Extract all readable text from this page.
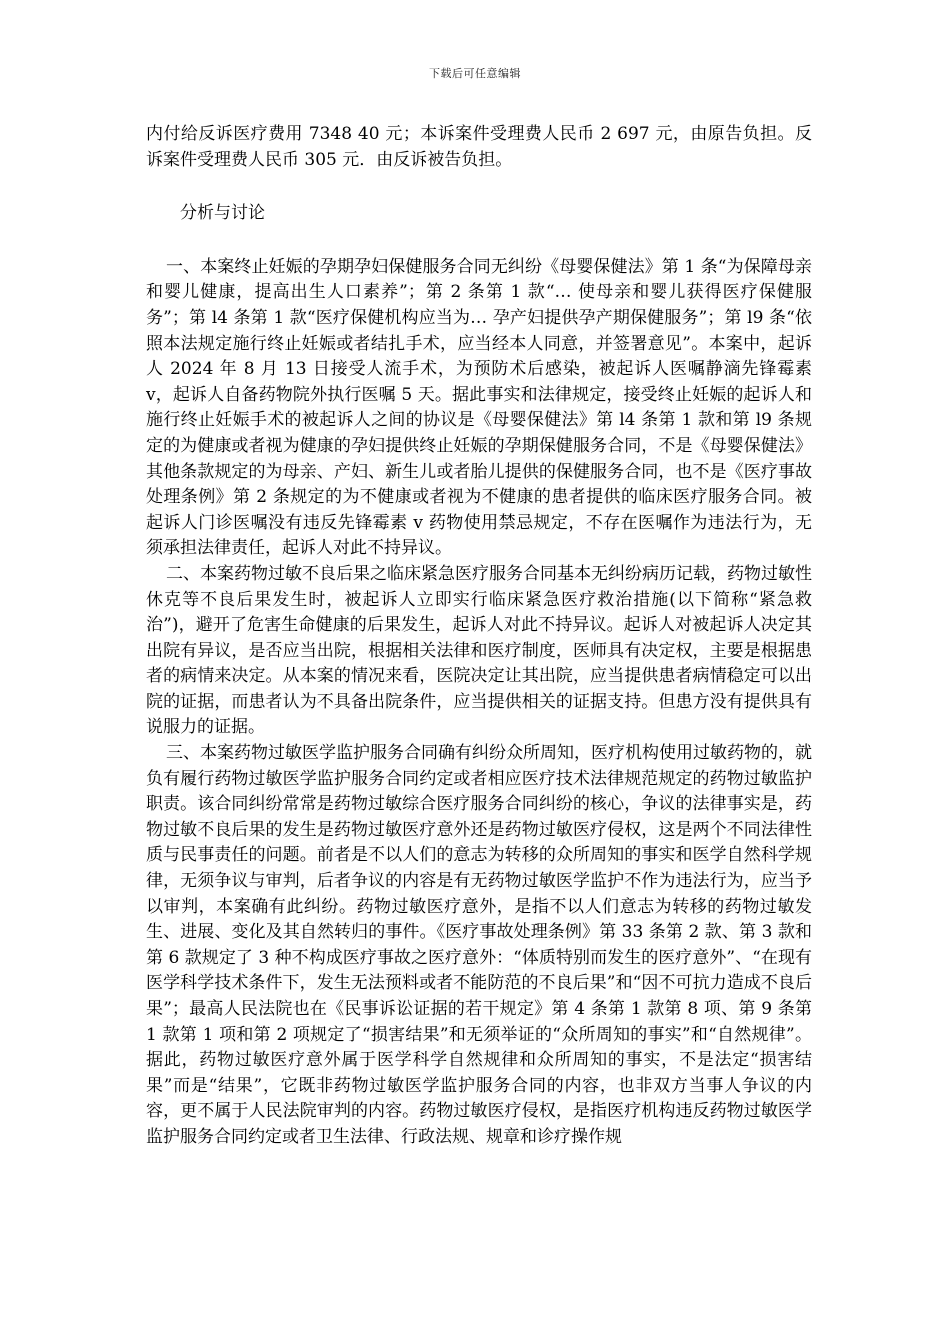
下载后可任意编辑

内付给反诉医疗费用 7348 40 元；本诉案件受理费人民币 2 697 元，由原告负担。反诉案件受理费人民币 305 元．由反诉被告负担。

分析与讨论

一、本案终止妊娠的孕期孕妇保健服务合同无纠纷《母婴保健法》第 1 条“为保障母亲和婴儿健康，提高出生人口素养”；第 2 条第 1 款“… 使母亲和婴儿获得医疗保健服务”；第 l4 条第 1 款“医疗保健机构应当为… 孕产妇提供孕产期保健服务”；第 l9 条“依照本法规定施行终止妊娠或者结扎手术，应当经本人同意，并签署意见”。本案中，起诉人 2024 年 8 月 13 日接受人流手术，为预防术后感染，被起诉人医嘱静滴先锋霉素 v，起诉人自备药物院外执行医嘱 5 天。据此事实和法律规定，接受终止妊娠的起诉人和施行终止妊娠手术的被起诉人之间的协议是《母婴保健法》第 l4 条第 1 款和第 l9 条规定的为健康或者视为健康的孕妇提供终止妊娠的孕期保健服务合同，不是《母婴保健法》其他条款规定的为母亲、产妇、新生儿或者胎儿提供的保健服务合同，也不是《医疗事故处理条例》第 2 条规定的为不健康或者视为不健康的患者提供的临床医疗服务合同。被起诉人门诊医嘱没有违反先锋霉素 v 药物使用禁忌规定，不存在医嘱作为违法行为，无须承担法律责任，起诉人对此不持异议。

二、本案药物过敏不良后果之临床紧急医疗服务合同基本无纠纷病历记载，药物过敏性休克等不良后果发生时，被起诉人立即实行临床紧急医疗救治措施(以下简称“紧急救治”)，避开了危害生命健康的后果发生，起诉人对此不持异议。起诉人对被起诉人决定其出院有异议，是否应当出院，根据相关法律和医疗制度，医师具有决定权，主要是根据患者的病情来决定。从本案的情况来看，医院决定让其出院，应当提供患者病情稳定可以出院的证据，而患者认为不具备出院条件，应当提供相关的证据支持。但患方没有提供具有说服力的证据。

三、本案药物过敏医学监护服务合同确有纠纷众所周知，医疗机构使用过敏药物的，就负有履行药物过敏医学监护服务合同约定或者相应医疗技术法律规范规定的药物过敏监护职责。该合同纠纷常常是药物过敏综合医疗服务合同纠纷的核心，争议的法律事实是，药物过敏不良后果的发生是药物过敏医疗意外还是药物过敏医疗侵权，这是两个不同法律性质与民事责任的问题。前者是不以人们的意志为转移的众所周知的事实和医学自然科学规律，无须争议与审判，后者争议的内容是有无药物过敏医学监护不作为违法行为，应当予以审判，本案确有此纠纷。药物过敏医疗意外，是指不以人们意志为转移的药物过敏发生、进展、变化及其自然转归的事件。《医疗事故处理条例》第 33 条第 2 款、第 3 款和第 6 款规定了 3 种不构成医疗事故之医疗意外：“体质特别而发生的医疗意外”、“在现有医学科学技术条件下，发生无法预料或者不能防范的不良后果”和“因不可抗力造成不良后果”；最高人民法院也在《民事诉讼证据的若干规定》第 4 条第 1 款第 8 项、第 9 条第 1 款第 1 项和第 2 项规定了“损害结果”和无须举证的“众所周知的事实”和“自然规律”。据此，药物过敏医疗意外属于医学科学自然规律和众所周知的事实，不是法定“损害结果”而是“结果”，它既非药物过敏医学监护服务合同的内容，也非双方当事人争议的内容，更不属于人民法院审判的内容。药物过敏医疗侵权，是指医疗机构违反药物过敏医学监护服务合同约定或者卫生法律、行政法规、规章和诊疗操作规
